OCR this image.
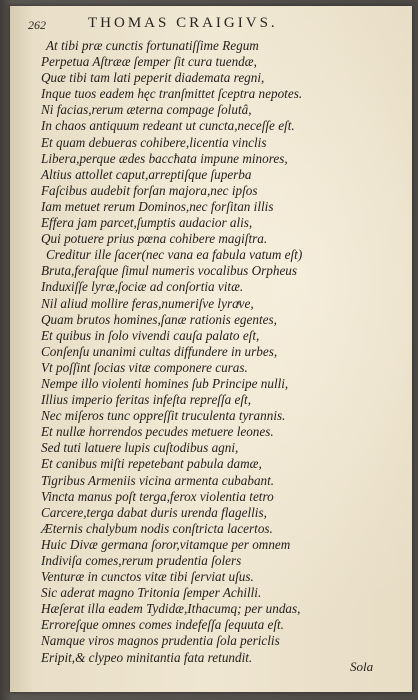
262	THOMAS CRAIGIVS.
At tibi præ cunctis fortunatiſſime Regum
Perpetua Aſtrææ ſemper ſit cura tuendæ,
Quæ tibi tam lati peperit diademata regni,
Inque tuos eadem hęc tranſmittet ſceptra nepotes.
Ni facias,rerum æterna compage ſolutâ,
In chaos antiquum redeant ut cuncta,neceſſe eſt.
Et quam debueras cohibere,licentia vinclis
Libera,perque ædes baccħata impune minores,
Altius attollet caput,arreptiſque ſuperba
Faſcibus audebit forſan majora,nec ipſos
Iam metuet rerum Dominos,nec forſitan illis
Effera jam parcet,ſumptis audacior alis,
Qui potuere prius pœna cohibere magiſtra.
Creditur ille ſacer(nec vana ea fabula vatum eſt)
Bruta,feraſque ſimul numeris vocalibus Orpheus
Induxiſſe lyræ,ſociæ ad conſortia vitæ.
Nil aliud mollire feras,numeriſve lyraͤve,
Quam brutos homines,ſanæ rationis egentes,
Et quibus in ſolo vivendi cauſa palato eſt,
Conſenſu unanimi cultas diffundere in urbes,
Vt poſſint ſocias vitæ componere curas.
Nempe illo violenti homines ſub Principe nulli,
Illius imperio feritas infeſta repreſſa eſt,
Nec miſeros tunc oppreſſit truculenta tyrannis.
Et nullæ horrendos pecudes metuere leones.
Sed tuti latuere lupis cuſtodibus agni,
Et canibus miſti repetebant pabula damæ,
Tigribus Armeniis vicina armenta cubabant.
Vincta manus poſt terga,ferox violentia tetro
Carcere,terga dabat duris urenda flagellis,
Æternis chalybum nodis conſtricta lacertos.
Huic Divæ germana ſoror,vitamque per omnem
Indiviſa comes,rerum prudentia ſolers
Venturæ in cunctos vitæ tibi ſerviat uſus.
Sic aderat magno Tritonia ſemper Achilli.
Hæſerat illa eadem Tydidæ,Ithacumq; per undas,
Erroreſque omnes comes indefeſſa ſequuta eſt.
Namque viros magnos prudentia ſola periclis
Eripit,& clypeo minitantia fata retundit.
Sola
